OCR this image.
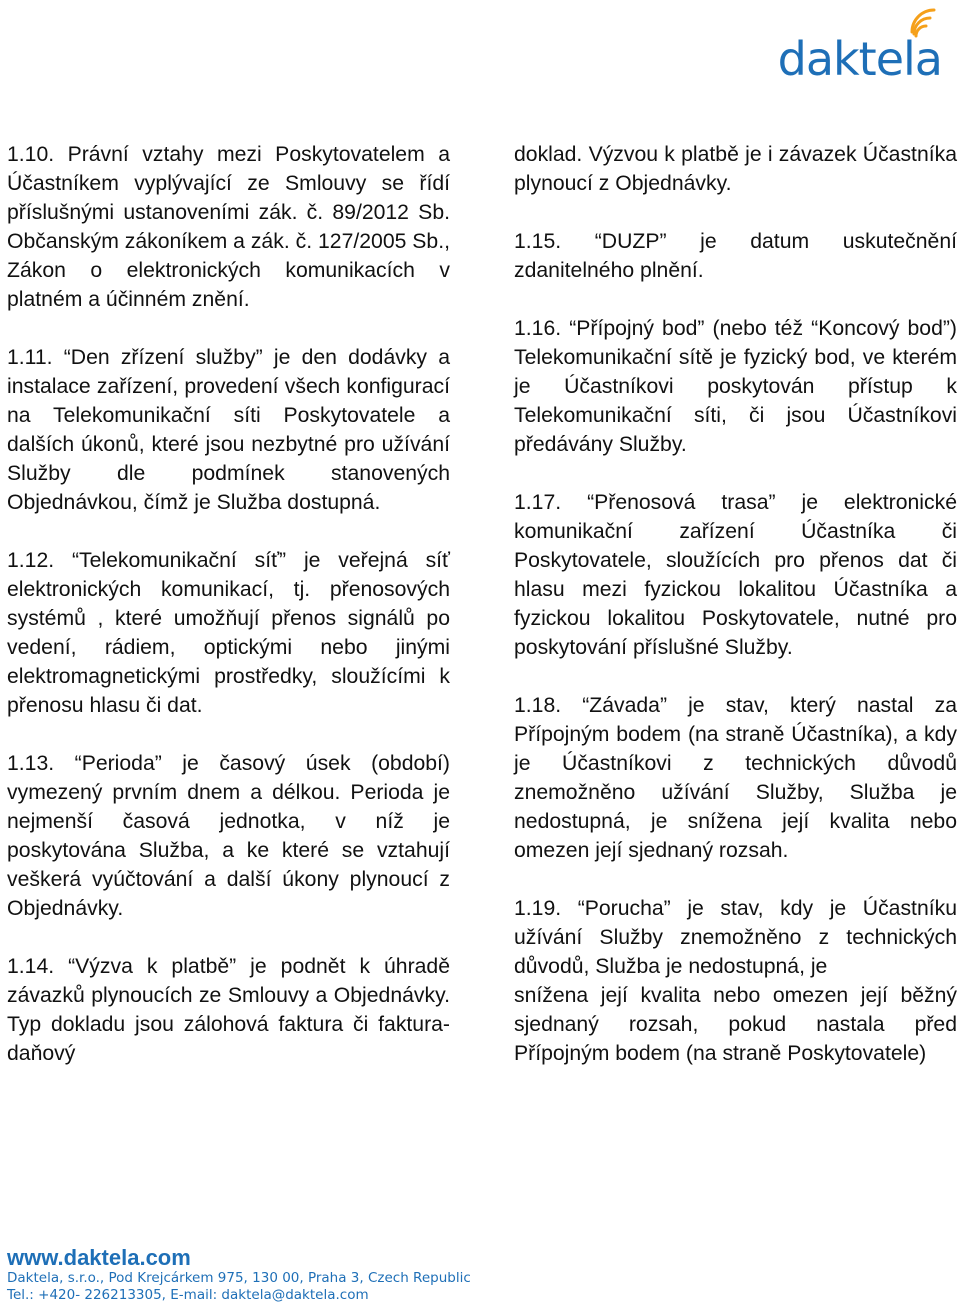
daktela

1.10. Právní vztahy mezi Poskytovatelem a Účastníkem vyplývající ze Smlouvy se řídí příslušnými ustanoveními zák. č. 89/2012 Sb. Občanským zákoníkem a zák. č. 127/2005 Sb., Zákon o elektronických komunikacích v platném a účinném znění.

1.11. “Den zřízení služby” je den dodávky a instalace zařízení, provedení všech konfigurací na Telekomunikační síti Poskytovatele a dalších úkonů, které jsou nezbytné pro užívání Služby dle podmínek stanovených Objednávkou, čímž je Služba dostupná.

1.12. “Telekomunikační síť” je veřejná síť elektronických komunikací, tj. přenosových systémů , které umožňují přenos signálů po vedení, rádiem, optickými nebo jinými elektromagnetickými prostředky, sloužícími k přenosu hlasu či dat.

1.13. “Perioda” je časový úsek (období) vymezený prvním dnem a délkou. Perioda je nejmenší časová jednotka, v níž je poskytována Služba, a ke které se vztahují veškerá vyúčtování a další úkony plynoucí z Objednávky.

1.14. “Výzva k platbě” je podnět k úhradě závazků plynoucích ze Smlouvy a Objednávky. Typ dokladu jsou zálohová faktura či faktura-daňový

doklad. Výzvou k platbě je i závazek Účastníka plynoucí z Objednávky.

1.15. “DUZP” je datum uskutečnění zdanitelného plnění.

1.16. “Přípojný bod” (nebo též “Koncový bod”) Telekomunikační sítě je fyzický bod, ve kterém je Účastníkovi poskytován přístup k Telekomunikační síti, či jsou Účastníkovi předávány Služby.

1.17. “Přenosová trasa” je elektronické komunikační zařízení Účastníka či Poskytovatele, sloužících pro přenos dat či hlasu mezi fyzickou lokalitou Účastníka a fyzickou lokalitou Poskytovatele, nutné pro poskytování příslušné Služby.

1.18. “Závada” je stav, který nastal za Přípojným bodem (na straně Účastníka), a kdy je Účastníkovi z technických důvodů znemožněno užívání Služby, Služba je nedostupná, je snížena její kvalita nebo omezen její sjednaný rozsah.

1.19. “Porucha” je stav, kdy je Účastníku užívání Služby znemožněno z technických důvodů, Služba je nedostupná, je

snížena její kvalita nebo omezen její běžný sjednaný rozsah, pokud nastala před Přípojným bodem (na straně Poskytovatele)

www.daktela.com
Daktela, s.r.o., Pod Krejcárkem 975, 130 00, Praha 3, Czech Republic
Tel.: +420- 226213305, E-mail: daktela@daktela.com
